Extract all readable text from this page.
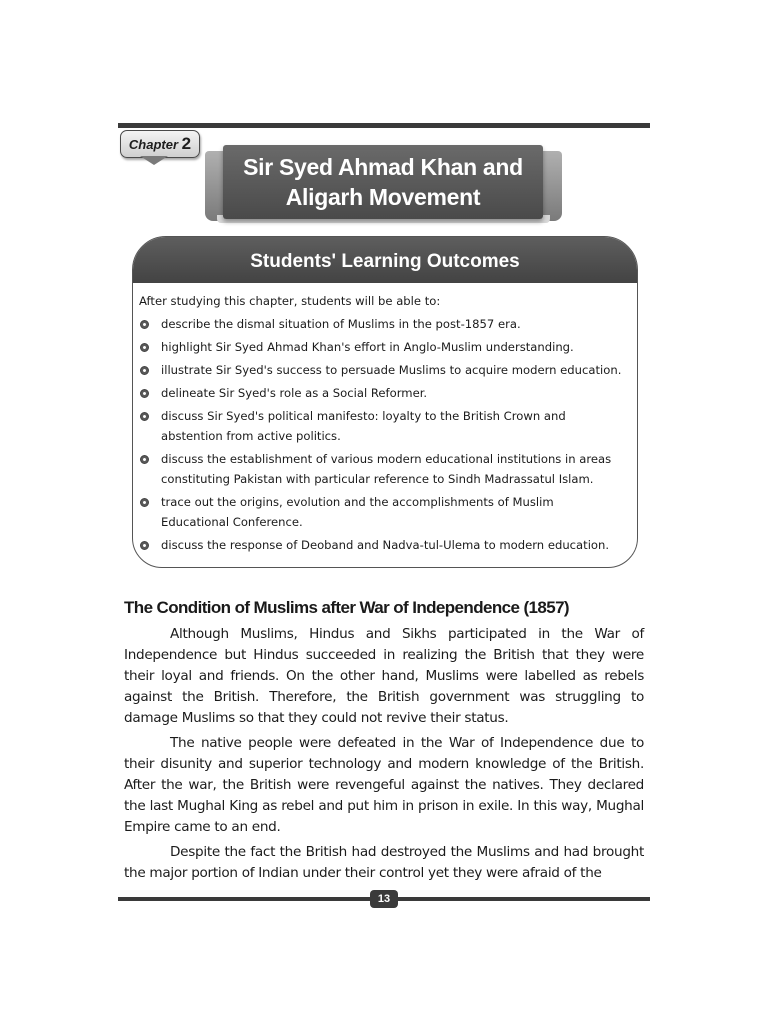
Chapter 2
Sir Syed Ahmad Khan and
Aligarh Movement
Students' Learning Outcomes

After studying this chapter, students will be able to:

describe the dismal situation of Muslims in the post-1857 era.
highlight Sir Syed Ahmad Khan's effort in Anglo-Muslim understanding.
illustrate Sir Syed's success to persuade Muslims to acquire modern education.
delineate Sir Syed's role as a Social Reformer.
discuss Sir Syed's political manifesto: loyalty to the British Crown and abstention from active politics.
discuss the establishment of various modern educational institutions in areas constituting Pakistan with particular reference to Sindh Madrassatul Islam.
trace out the origins, evolution and the accomplishments of Muslim Educational Conference.
discuss the response of Deoband and Nadva-tul-Ulema to modern education.
The Condition of Muslims after War of Independence (1857)

Although Muslims, Hindus and Sikhs participated in the War of Independence but Hindus succeeded in realizing the British that they were their loyal and friends. On the other hand, Muslims were labelled as rebels against the British. Therefore, the British government was struggling to damage Muslims so that they could not revive their status.

The native people were defeated in the War of Independence due to their disunity and superior technology and modern knowledge of the British. After the war, the British were revengeful against the natives. They declared the last Mughal King as rebel and put him in prison in exile. In this way, Mughal Empire came to an end.

Despite the fact the British had destroyed the Muslims and had brought the major portion of Indian under their control yet they were afraid of the

13
